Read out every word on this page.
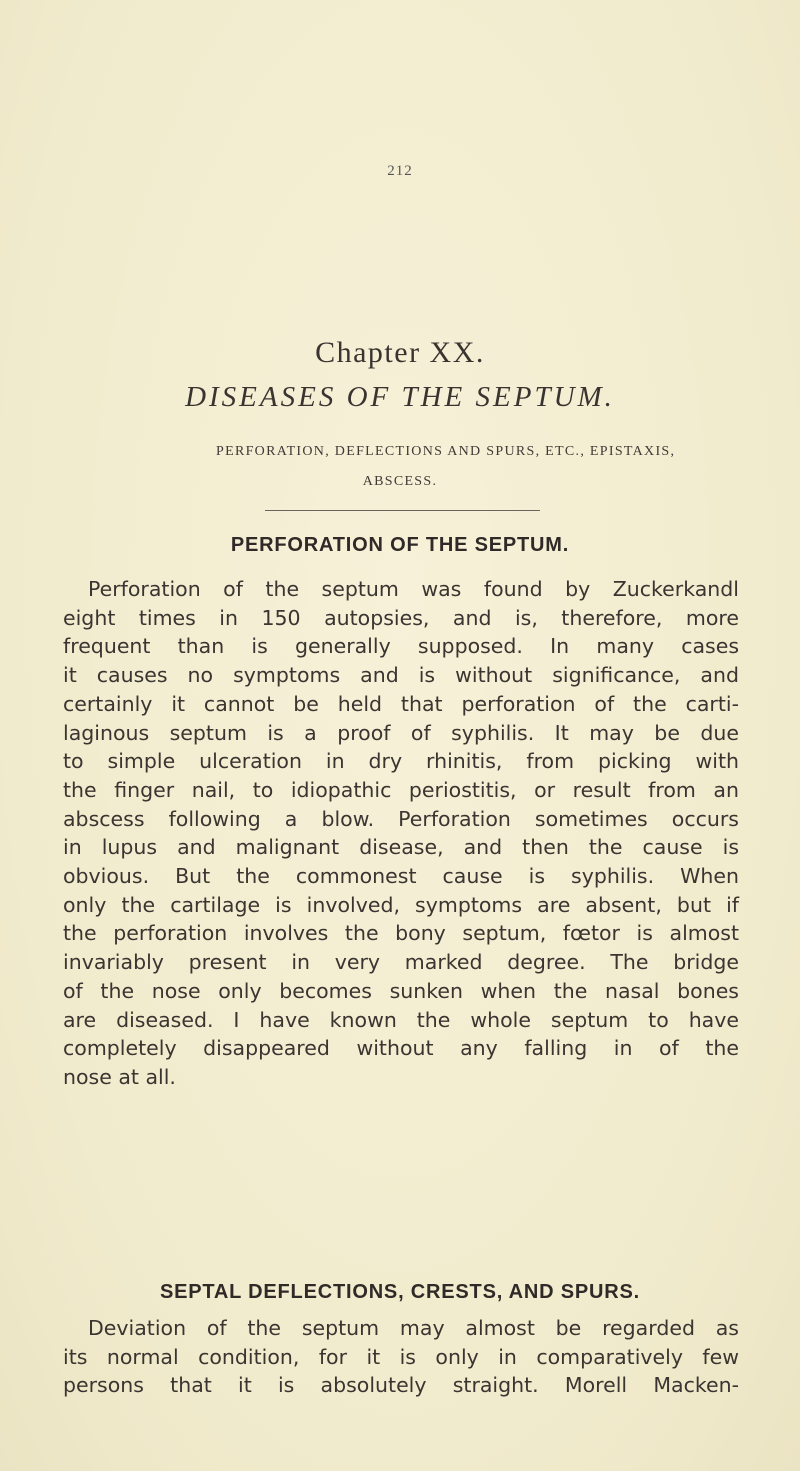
212
Chapter XX.
DISEASES OF THE SEPTUM.
PERFORATION, DEFLECTIONS AND SPURS, ETC., EPISTAXIS,
ABSCESS.
PERFORATION OF THE SEPTUM.
Perforation of the septum was found by Zuckerkandl
eight times in 150 autopsies, and is, therefore, more
frequent than is generally supposed. In many cases
it causes no symptoms and is without significance, and
certainly it cannot be held that perforation of the carti-
laginous septum is a proof of syphilis. It may be due
to simple ulceration in dry rhinitis, from picking with
the finger nail, to idiopathic periostitis, or result from an
abscess following a blow. Perforation sometimes occurs
in lupus and malignant disease, and then the cause is
obvious. But the commonest cause is syphilis. When
only the cartilage is involved, symptoms are absent, but if
the perforation involves the bony septum, fœtor is almost
invariably present in very marked degree. The bridge
of the nose only becomes sunken when the nasal bones
are diseased. I have known the whole septum to have
completely disappeared without any falling in of the
nose at all.
SEPTAL DEFLECTIONS, CRESTS, AND SPURS.
Deviation of the septum may almost be regarded as
its normal condition, for it is only in comparatively few
persons that it is absolutely straight. Morell Macken-
